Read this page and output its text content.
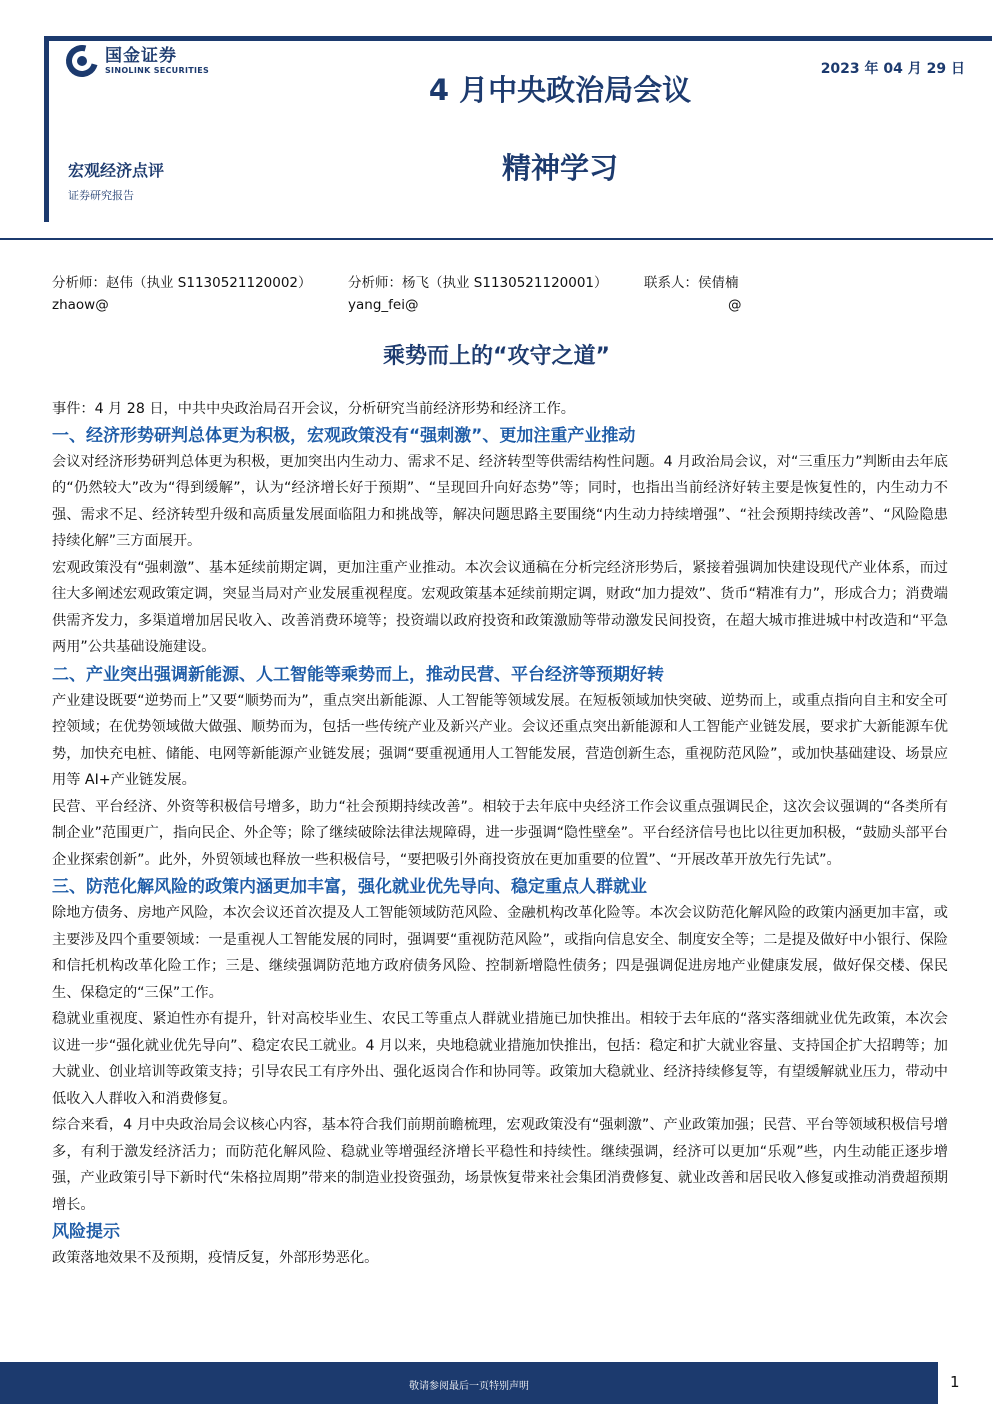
国金证券
SINOLINK SECURITIES	2023 年 04 月 29 日
4 月中央政治局会议
精神学习
宏观经济点评
证券研究报告
分析师：赵伟（执业 S1130521120002）
zhaow@
分析师：杨飞（执业 S1130521120001）
yang_fei@
联系人：侯倩楠
@
乘势而上的“攻守之道”
事件：4 月 28 日，中共中央政治局召开会议，分析研究当前经济形势和经济工作。
一、经济形势研判总体更为积极，宏观政策没有“强刺激”、更加注重产业推动
会议对经济形势研判总体更为积极，更加突出内生动力、需求不足、经济转型等供需结构性问题。4 月政治局会议，对“三重压力”判断由去年底的“仍然较大”改为“得到缓解”，认为“经济增长好于预期”、“呈现回升向好态势”等；同时，也指出当前经济好转主要是恢复性的，内生动力不强、需求不足、经济转型升级和高质量发展面临阻力和挑战等，解决问题思路主要围绕“内生动力持续增强”、“社会预期持续改善”、“风险隐患持续化解”三方面展开。
宏观政策没有“强刺激”、基本延续前期定调，更加注重产业推动。本次会议通稿在分析完经济形势后，紧接着强调加快建设现代产业体系，而过往大多阐述宏观政策定调，突显当局对产业发展重视程度。宏观政策基本延续前期定调，财政“加力提效”、货币“精准有力”，形成合力；消费端供需齐发力，多渠道增加居民收入、改善消费环境等；投资端以政府投资和政策激励等带动激发民间投资，在超大城市推进城中村改造和“平急两用”公共基础设施建设。
二、产业突出强调新能源、人工智能等乘势而上，推动民营、平台经济等预期好转
产业建设既要“逆势而上”又要“顺势而为”，重点突出新能源、人工智能等领域发展。在短板领域加快突破、逆势而上，或重点指向自主和安全可控领域；在优势领域做大做强、顺势而为，包括一些传统产业及新兴产业。会议还重点突出新能源和人工智能产业链发展，要求扩大新能源车优势，加快充电桩、储能、电网等新能源产业链发展；强调“要重视通用人工智能发展，营造创新生态，重视防范风险”，或加快基础建设、场景应用等 AI+产业链发展。
民营、平台经济、外资等积极信号增多，助力“社会预期持续改善”。相较于去年底中央经济工作会议重点强调民企，这次会议强调的“各类所有制企业”范围更广，指向民企、外企等；除了继续破除法律法规障碍，进一步强调“隐性壁垒”。平台经济信号也比以往更加积极，“鼓励头部平台企业探索创新”。此外，外贸领域也释放一些积极信号，“要把吸引外商投资放在更加重要的位置”、“开展改革开放先行先试”。
三、防范化解风险的政策内涵更加丰富，强化就业优先导向、稳定重点人群就业
除地方债务、房地产风险，本次会议还首次提及人工智能领域防范风险、金融机构改革化险等。本次会议防范化解风险的政策内涵更加丰富，或主要涉及四个重要领域：一是重视人工智能发展的同时，强调要“重视防范风险”，或指向信息安全、制度安全等；二是提及做好中小银行、保险和信托机构改革化险工作；三是、继续强调防范地方政府债务风险、控制新增隐性债务；四是强调促进房地产业健康发展，做好保交楼、保民生、保稳定的“三保”工作。
稳就业重视度、紧迫性亦有提升，针对高校毕业生、农民工等重点人群就业措施已加快推出。相较于去年底的“落实落细就业优先政策，本次会议进一步“强化就业优先导向”、稳定农民工就业。4 月以来，央地稳就业措施加快推出，包括：稳定和扩大就业容量、支持国企扩大招聘等；加大就业、创业培训等政策支持；引导农民工有序外出、强化返岗合作和协同等。政策加大稳就业、经济持续修复等，有望缓解就业压力，带动中低收入人群收入和消费修复。
综合来看，4 月中央政治局会议核心内容，基本符合我们前期前瞻梳理，宏观政策没有“强刺激”、产业政策加强；民营、平台等领域积极信号增多，有利于激发经济活力；而防范化解风险、稳就业等增强经济增长平稳性和持续性。继续强调，经济可以更加“乐观”些，内生动能正逐步增强，产业政策引导下新时代“朱格拉周期”带来的制造业投资强劲，场景恢复带来社会集团消费修复、就业改善和居民收入修复或推动消费超预期增长。
风险提示
政策落地效果不及预期，疫情反复，外部形势恶化。
敬请参阅最后一页特别声明	1
